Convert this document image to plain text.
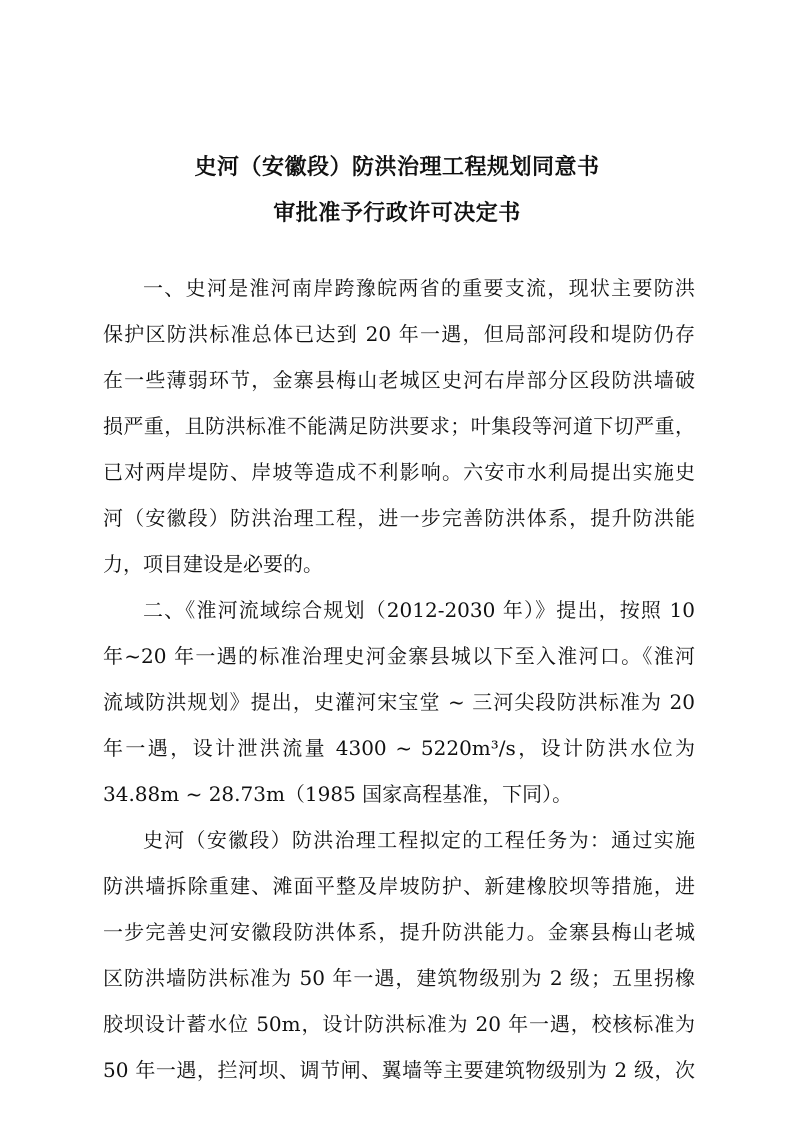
史河（安徽段）防洪治理工程规划同意书
审批准予行政许可决定书
一、史河是淮河南岸跨豫皖两省的重要支流，现状主要防洪
保护区防洪标准总体已达到 20 年一遇，但局部河段和堤防仍存
在一些薄弱环节，金寨县梅山老城区史河右岸部分区段防洪墙破
损严重，且防洪标准不能满足防洪要求；叶集段等河道下切严重，
已对两岸堤防、岸坡等造成不利影响。六安市水利局提出实施史
河（安徽段）防洪治理工程，进一步完善防洪体系，提升防洪能
力，项目建设是必要的。
二、《淮河流域综合规划（2012-2030 年）》提出，按照 10
年~20 年一遇的标准治理史河金寨县城以下至入淮河口。《淮河
流域防洪规划》提出，史灌河宋宝堂 ~ 三河尖段防洪标准为 20
年一遇，设计泄洪流量 4300 ~ 5220m³/s，设计防洪水位为
34.88m ~ 28.73m（1985 国家高程基准，下同）。
史河（安徽段）防洪治理工程拟定的工程任务为：通过实施
防洪墙拆除重建、滩面平整及岸坡防护、新建橡胶坝等措施，进
一步完善史河安徽段防洪体系，提升防洪能力。金寨县梅山老城
区防洪墙防洪标准为 50 年一遇，建筑物级别为 2 级；五里拐橡
胶坝设计蓄水位 50m，设计防洪标准为 20 年一遇，校核标准为
50 年一遇，拦河坝、调节闸、翼墙等主要建筑物级别为 2 级，次
